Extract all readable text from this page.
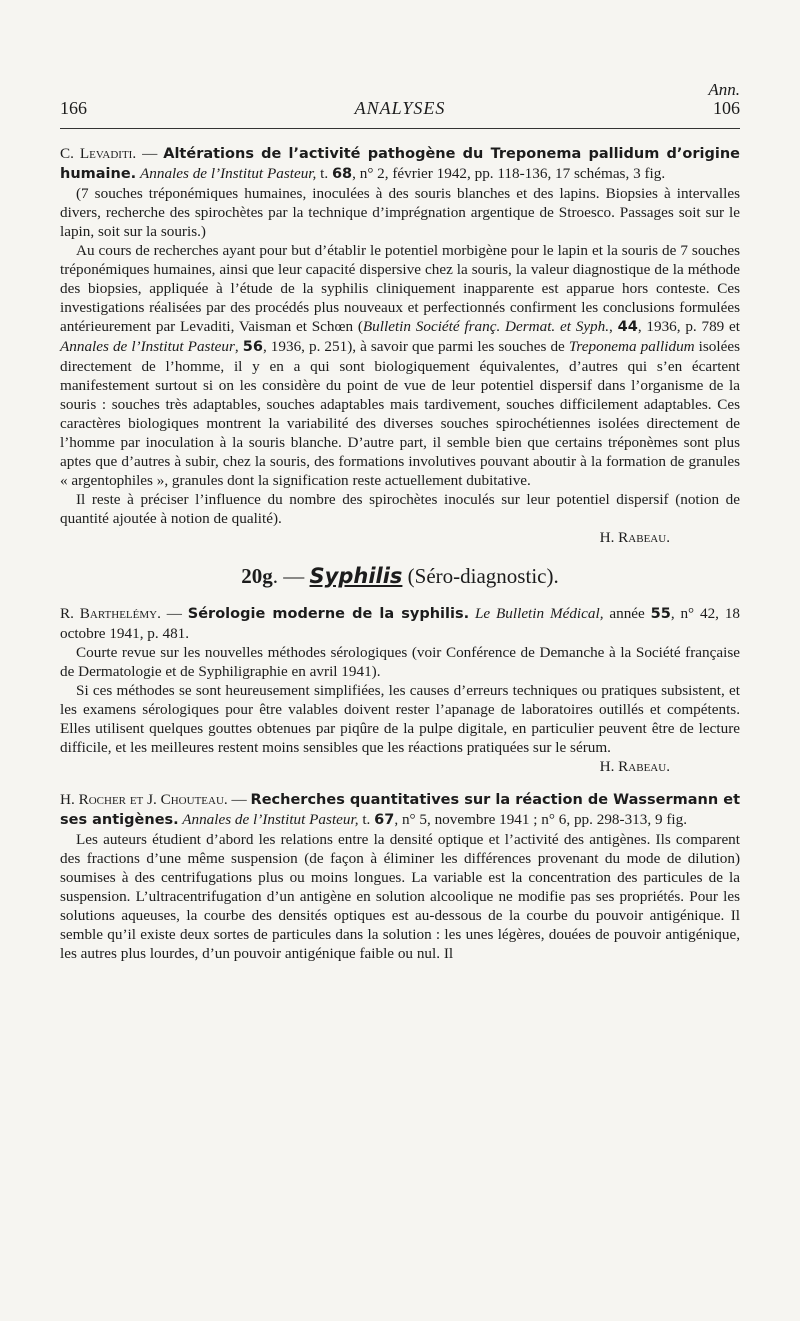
Ann.
166	ANALYSES	106

C. Levaditi. — Altérations de l’activité pathogène du Treponema pallidum d’origine humaine. Annales de l’Institut Pasteur, t. 68, n° 2, février 1942, pp. 118-136, 17 schémas, 3 fig.

(7 souches tréponémiques humaines, inoculées à des souris blanches et des lapins. Biopsies à intervalles divers, recherche des spirochètes par la technique d’imprégnation argentique de Stroesco. Passages soit sur le lapin, soit sur la souris.)

Au cours de recherches ayant pour but d’établir le potentiel morbigène pour le lapin et la souris de 7 souches tréponémiques humaines, ainsi que leur capacité dispersive chez la souris, la valeur diagnostique de la méthode des biopsies, appliquée à l’étude de la syphilis cliniquement inapparente est apparue hors conteste. Ces investigations réalisées par des procédés plus nouveaux et perfectionnés confirment les conclusions formulées antérieurement par Levaditi, Vaisman et Schœn (Bulletin Société franç. Dermat. et Syph., 44, 1936, p. 789 et Annales de l’Institut Pasteur, 56, 1936, p. 251), à savoir que parmi les souches de Treponema pallidum isolées directement de l’homme, il y en a qui sont biologiquement équivalentes, d’autres qui s’en écartent manifestement surtout si on les considère du point de vue de leur potentiel dispersif dans l’organisme de la souris : souches très adaptables, souches adaptables mais tardivement, souches difficilement adaptables. Ces caractères biologiques montrent la variabilité des diverses souches spirochétiennes isolées directement de l’homme par inoculation à la souris blanche. D’autre part, il semble bien que certains tréponèmes sont plus aptes que d’autres à subir, chez la souris, des formations involutives pouvant aboutir à la formation de granules « argentophiles », granules dont la signification reste actuellement dubitative.

Il reste à préciser l’influence du nombre des spirochètes inoculés sur leur potentiel dispersif (notion de quantité ajoutée à notion de qualité).

H. Rabeau.

20g. — Syphilis (Séro-diagnostic).

R. Barthelémy. — Sérologie moderne de la syphilis. Le Bulletin Médical, année 55, n° 42, 18 octobre 1941, p. 481.

Courte revue sur les nouvelles méthodes sérologiques (voir Conférence de Demanche à la Société française de Dermatologie et de Syphiligraphie en avril 1941).

Si ces méthodes se sont heureusement simplifiées, les causes d’erreurs techniques ou pratiques subsistent, et les examens sérologiques pour être valables doivent rester l’apanage de laboratoires outillés et compétents. Elles utilisent quelques gouttes obtenues par piqûre de la pulpe digitale, en particulier peuvent être de lecture difficile, et les meilleures restent moins sensibles que les réactions pratiquées sur le sérum.

H. Rabeau.

H. Rocher et J. Chouteau. — Recherches quantitatives sur la réaction de Wassermann et ses antigènes. Annales de l’Institut Pasteur, t. 67, n° 5, novembre 1941 ; n° 6, pp. 298-313, 9 fig.

Les auteurs étudient d’abord les relations entre la densité optique et l’activité des antigènes. Ils comparent des fractions d’une même suspension (de façon à éliminer les différences provenant du mode de dilution) soumises à des centrifugations plus ou moins longues. La variable est la concentration des particules de la suspension. L’ultracentrifugation d’un antigène en solution alcoolique ne modifie pas ses propriétés. Pour les solutions aqueuses, la courbe des densités optiques est au-dessous de la courbe du pouvoir antigénique. Il semble qu’il existe deux sortes de particules dans la solution : les unes légères, douées de pouvoir antigénique, les autres plus lourdes, d’un pouvoir antigénique faible ou nul. Il
